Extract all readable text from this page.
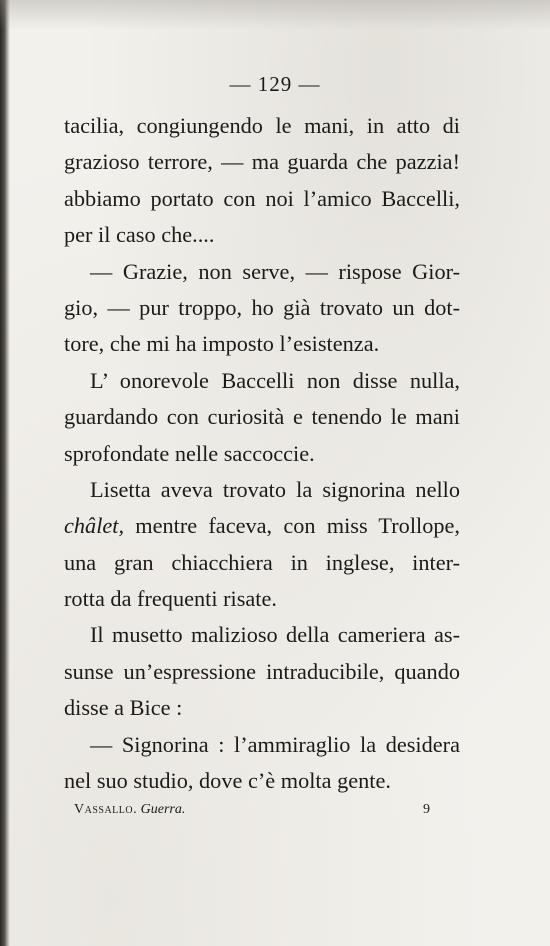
— 129 —
tacilia, congiungendo le mani, in atto di
grazioso terrore, — ma guarda che pazzia!
abbiamo portato con noi l’amico Baccelli,
per il caso che....
— Grazie, non serve, — rispose Gior-
gio, — pur troppo, ho già trovato un dot-
tore, che mi ha imposto l’esistenza.
L’ onorevole Baccelli non disse nulla,
guardando con curiosità e tenendo le mani
sprofondate nelle saccoccie.
Lisetta aveva trovato la signorina nello
châlet, mentre faceva, con miss Trollope,
una gran chiacchiera in inglese, inter-
rotta da frequenti risate.
Il musetto malizioso della cameriera as-
sunse un’espressione intraducibile, quando
disse a Bice :
— Signorina : l’ammiraglio la desidera
nel suo studio, dove c’è molta gente.
Vassallo. Guerra.	9
